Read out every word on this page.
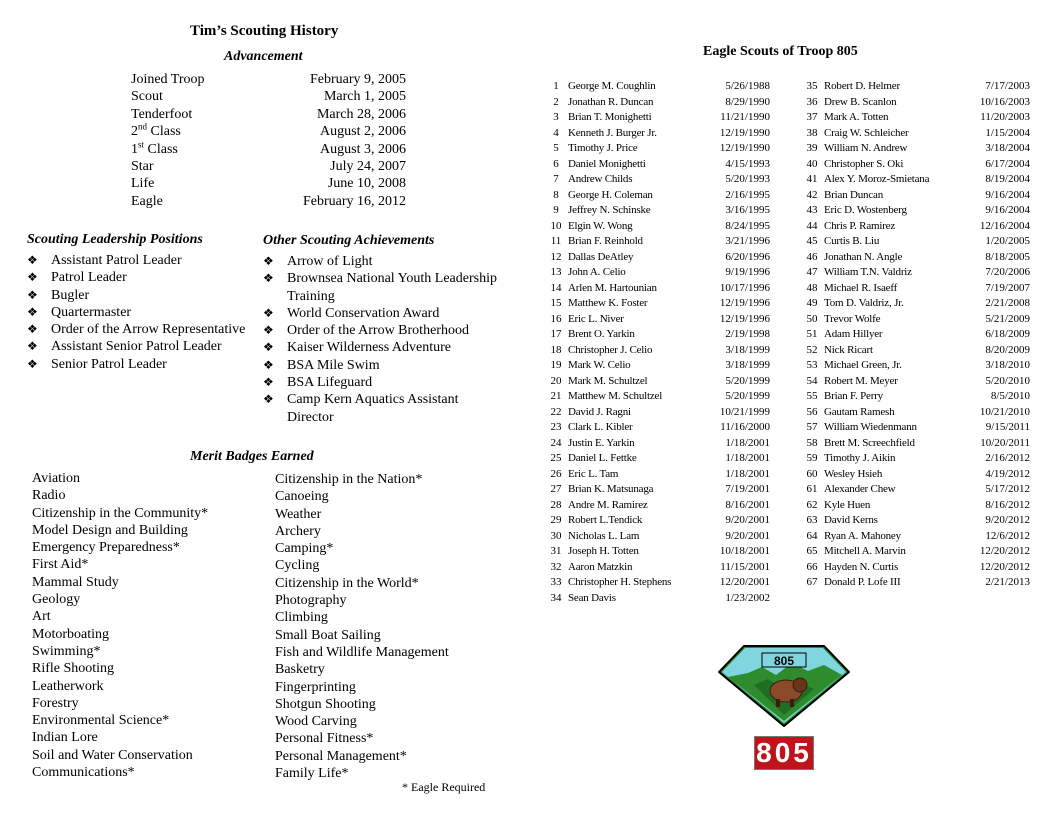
Tim’s Scouting History
Advancement
Joined Troop	February 9, 2005
Scout	March 1, 2005
Tenderfoot	March 28, 2006
2nd Class	August 2, 2006
1st Class	August 3, 2006
Star	July 24, 2007
Life	June 10, 2008
Eagle	February 16, 2012
Scouting Leadership Positions
❖ Assistant Patrol Leader
❖ Patrol Leader
❖ Bugler
❖ Quartermaster
❖ Order of the Arrow Representative
❖ Assistant Senior Patrol Leader
❖ Senior Patrol Leader
Other Scouting Achievements
❖ Arrow of Light
❖ Brownsea National Youth Leadership Training
❖ World Conservation Award
❖ Order of the Arrow Brotherhood
❖ Kaiser Wilderness Adventure
❖ BSA Mile Swim
❖ BSA Lifeguard
❖ Camp Kern Aquatics Assistant Director
Merit Badges Earned
Aviation
Radio
Citizenship in the Community*
Model Design and Building
Emergency Preparedness*
First Aid*
Mammal Study
Geology
Art
Motorboating
Swimming*
Rifle Shooting
Leatherwork
Forestry
Environmental Science*
Indian Lore
Soil and Water Conservation
Communications*
Citizenship in the Nation*
Canoeing
Weather
Archery
Camping*
Cycling
Citizenship in the World*
Photography
Climbing
Small Boat Sailing
Fish and Wildlife Management
Basketry
Fingerprinting
Shotgun Shooting
Wood Carving
Personal Fitness*
Personal Management*
Family Life*
* Eagle Required
Eagle Scouts of Troop 805
1 George M. Coughlin	5/26/1988
2 Jonathan R. Duncan	8/29/1990
3 Brian T. Monighetti	11/21/1990
4 Kenneth J. Burger Jr.	12/19/1990
5 Timothy J. Price	12/19/1990
6 Daniel Monighetti	4/15/1993
7 Andrew Childs	5/20/1993
8 George H. Coleman	2/16/1995
9 Jeffrey N. Schinske	3/16/1995
10 Elgin W. Wong	8/24/1995
11 Brian F. Reinhold	3/21/1996
12 Dallas DeAtley	6/20/1996
13 John A. Celio	9/19/1996
14 Arlen M. Hartounian	10/17/1996
15 Matthew K. Foster	12/19/1996
16 Eric L. Niver	12/19/1996
17 Brent O. Yarkin	2/19/1998
18 Christopher J. Celio	3/18/1999
19 Mark W. Celio	3/18/1999
20 Mark M. Schultzel	5/20/1999
21 Matthew M. Schultzel	5/20/1999
22 David J. Ragni	10/21/1999
23 Clark L. Kibler	11/16/2000
24 Justin E. Yarkin	1/18/2001
25 Daniel L. Fettke	1/18/2001
26 Eric L. Tam	1/18/2001
27 Brian K. Matsunaga	7/19/2001
28 Andre M. Ramirez	8/16/2001
29 Robert L.Tendick	9/20/2001
30 Nicholas L. Lam	9/20/2001
31 Joseph H. Totten	10/18/2001
32 Aaron Matzkin	11/15/2001
33 Christopher H. Stephens	12/20/2001
34 Sean Davis	1/23/2002
35 Robert D. Helmer	7/17/2003
36 Drew B. Scanlon	10/16/2003
37 Mark A. Totten	11/20/2003
38 Craig W. Schleicher	1/15/2004
39 William N. Andrew	3/18/2004
40 Christopher S. Oki	6/17/2004
41 Alex Y. Moroz-Smietana	8/19/2004
42 Brian Duncan	9/16/2004
43 Eric D. Wostenberg	9/16/2004
44 Chris P. Ramirez	12/16/2004
45 Curtis B. Liu	1/20/2005
46 Jonathan N. Angle	8/18/2005
47 William T.N. Valdriz	7/20/2006
48 Michael R. Isaeff	7/19/2007
49 Tom D. Valdriz, Jr.	2/21/2008
50 Trevor Wolfe	5/21/2009
51 Adam Hillyer	6/18/2009
52 Nick Ricart	8/20/2009
53 Michael Green, Jr.	3/18/2010
54 Robert M. Meyer	5/20/2010
55 Brian F. Perry	8/5/2010
56 Gautam Ramesh	10/21/2010
57 William Wiedenmann	9/15/2011
58 Brett M. Screechfield	10/20/2011
59 Timothy J. Aikin	2/16/2012
60 Wesley Hsieh	4/19/2012
61 Alexander Chew	5/17/2012
62 Kyle Huen	8/16/2012
63 David Kerns	9/20/2012
64 Ryan A. Mahoney	12/6/2012
65 Mitchell A. Marvin	12/20/2012
66 Hayden N. Curtis	12/20/2012
67 Donald P. Lofe III	2/21/2013
805
805
